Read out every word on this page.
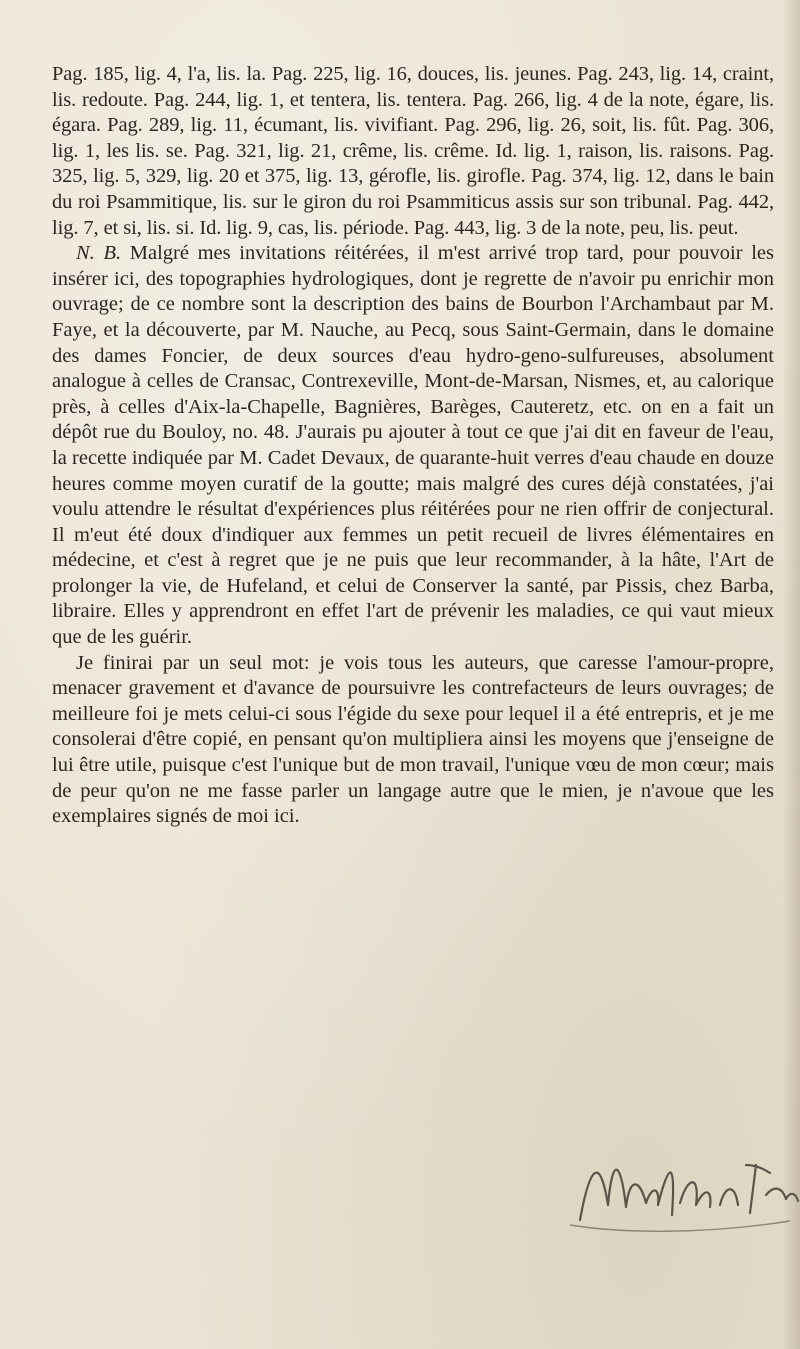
Pag. 185, lig. 4, l'a, lis. la. Pag. 225, lig. 16, douces, lis. jeunes. Pag. 243, lig. 14, craint, lis. redoute. Pag. 244, lig. 1, et tentera, lis. tentera. Pag. 266, lig. 4 de la note, égare, lis. égara. Pag. 289, lig. 11, écumant, lis. vivifiant. Pag. 296, lig. 26, soit, lis. fût. Pag. 306, lig. 1, les lis. se. Pag. 321, lig. 21, crême, lis. crême. Id. lig. 1, raison, lis. raisons. Pag. 325, lig. 5, 329, lig. 20 et 375, lig. 13, gérofle, lis. girofle. Pag. 374, lig. 12, dans le bain du roi Psammitique, lis. sur le giron du roi Psammiticus assis sur son tribunal. Pag. 442, lig. 7, et si, lis. si. Id. lig. 9, cas, lis. période. Pag. 443, lig. 3 de la note, peu, lis. peut.

N. B. Malgré mes invitations réitérées, il m'est arrivé trop tard, pour pouvoir les insérer ici, des topographies hydrologiques, dont je regrette de n'avoir pu enrichir mon ouvrage; de ce nombre sont la description des bains de Bourbon l'Archambaut par M. Faye, et la découverte, par M. Nauche, au Pecq, sous Saint-Germain, dans le domaine des dames Foncier, de deux sources d'eau hydro-geno-sulfureuses, absolument analogue à celles de Cransac, Contrexeville, Mont-de-Marsan, Nismes, et, au calorique près, à celles d'Aix-la-Chapelle, Bagnières, Barèges, Cauteretz, etc. on en a fait un dépôt rue du Bouloy, no. 48. J'aurais pu ajouter à tout ce que j'ai dit en faveur de l'eau, la recette indiquée par M. Cadet Devaux, de quarante-huit verres d'eau chaude en douze heures comme moyen curatif de la goutte; mais malgré des cures déjà constatées, j'ai voulu attendre le résultat d'expériences plus réitérées pour ne rien offrir de conjectural. Il m'eut été doux d'indiquer aux femmes un petit recueil de livres élémentaires en médecine, et c'est à regret que je ne puis que leur recommander, à la hâte, l'Art de prolonger la vie, de Hufeland, et celui de Conserver la santé, par Pissis, chez Barba, libraire. Elles y apprendront en effet l'art de prévenir les maladies, ce qui vaut mieux que de les guérir.

Je finirai par un seul mot: je vois tous les auteurs, que caresse l'amour-propre, menacer gravement et d'avance de poursuivre les contrefacteurs de leurs ouvrages; de meilleure foi je mets celui-ci sous l'égide du sexe pour lequel il a été entrepris, et je me consolerai d'être copié, en pensant qu'on multipliera ainsi les moyens que j'enseigne de lui être utile, puisque c'est l'unique but de mon travail, l'unique vœu de mon cœur; mais de peur qu'on ne me fasse parler un langage autre que le mien, je n'avoue que les exemplaires signés de moi ici.
